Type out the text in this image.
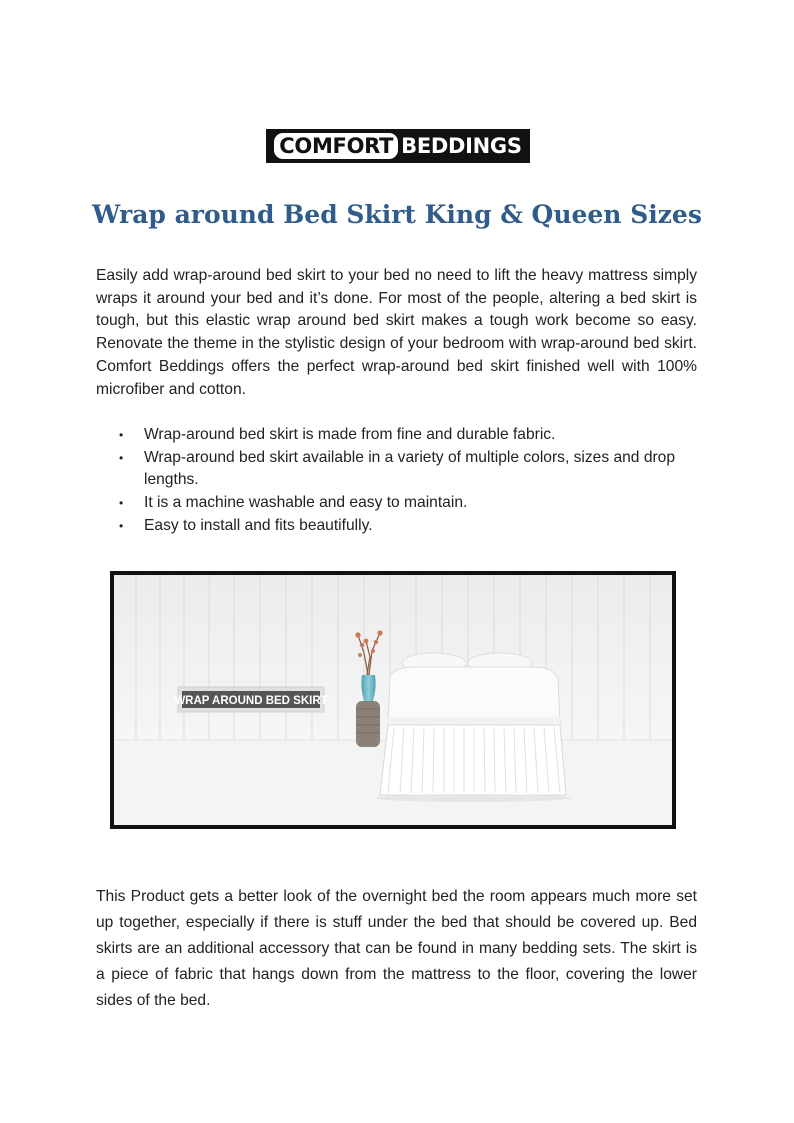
COMFORT BEDDINGS
Wrap around Bed Skirt King & Queen Sizes

Easily add wrap-around bed skirt to your bed no need to lift the heavy mattress simply wraps it around your bed and it’s done. For most of the people, altering a bed skirt is tough, but this elastic wrap around bed skirt makes a tough work become so easy. Renovate the theme in the stylistic design of your bedroom with wrap-around bed skirt. Comfort Beddings offers the perfect wrap-around bed skirt finished well with 100% microfiber and cotton.

• Wrap-around bed skirt is made from fine and durable fabric.
• Wrap-around bed skirt available in a variety of multiple colors, sizes and drop lengths.
• It is a machine washable and easy to maintain.
• Easy to install and fits beautifully.
WRAP AROUND BED SKIRT

This Product gets a better look of the overnight bed the room appears much more set up together, especially if there is stuff under the bed that should be covered up. Bed skirts are an additional accessory that can be found in many bedding sets. The skirt is a piece of fabric that hangs down from the mattress to the floor, covering the lower sides of the bed.
